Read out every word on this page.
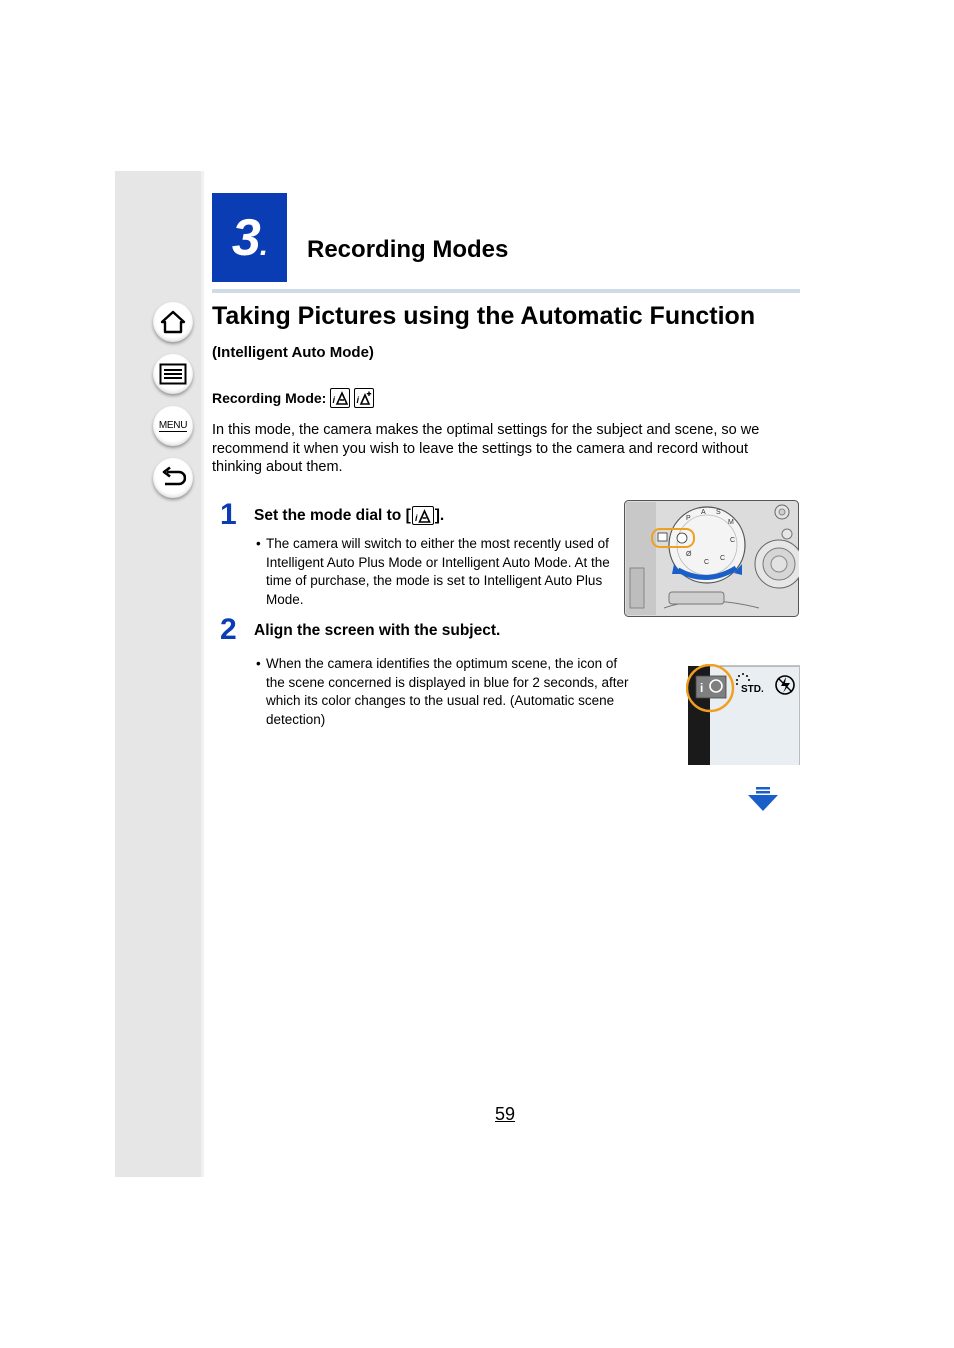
MENU
3. Recording Modes
Taking Pictures using the Automatic Function
(Intelligent Auto Mode)
Recording Mode: i i
In this mode, the camera makes the optimal settings for the subject and scene, so we recommend it when you wish to leave the settings to the camera and record without thinking about them.
1 Set the mode dial to [ i ].
• The camera will switch to either the most recently used of Intelligent Auto Plus Mode or Intelligent Auto Mode. At the time of purchase, the mode is set to Intelligent Auto Plus Mode.
P
A S
M
C
C
C
Ø
2 Align the screen with the subject.
• When the camera identifies the optimum scene, the icon of the scene concerned is displayed in blue for 2 seconds, after which its color changes to the usual red. (Automatic scene detection)
i	STD.
59
